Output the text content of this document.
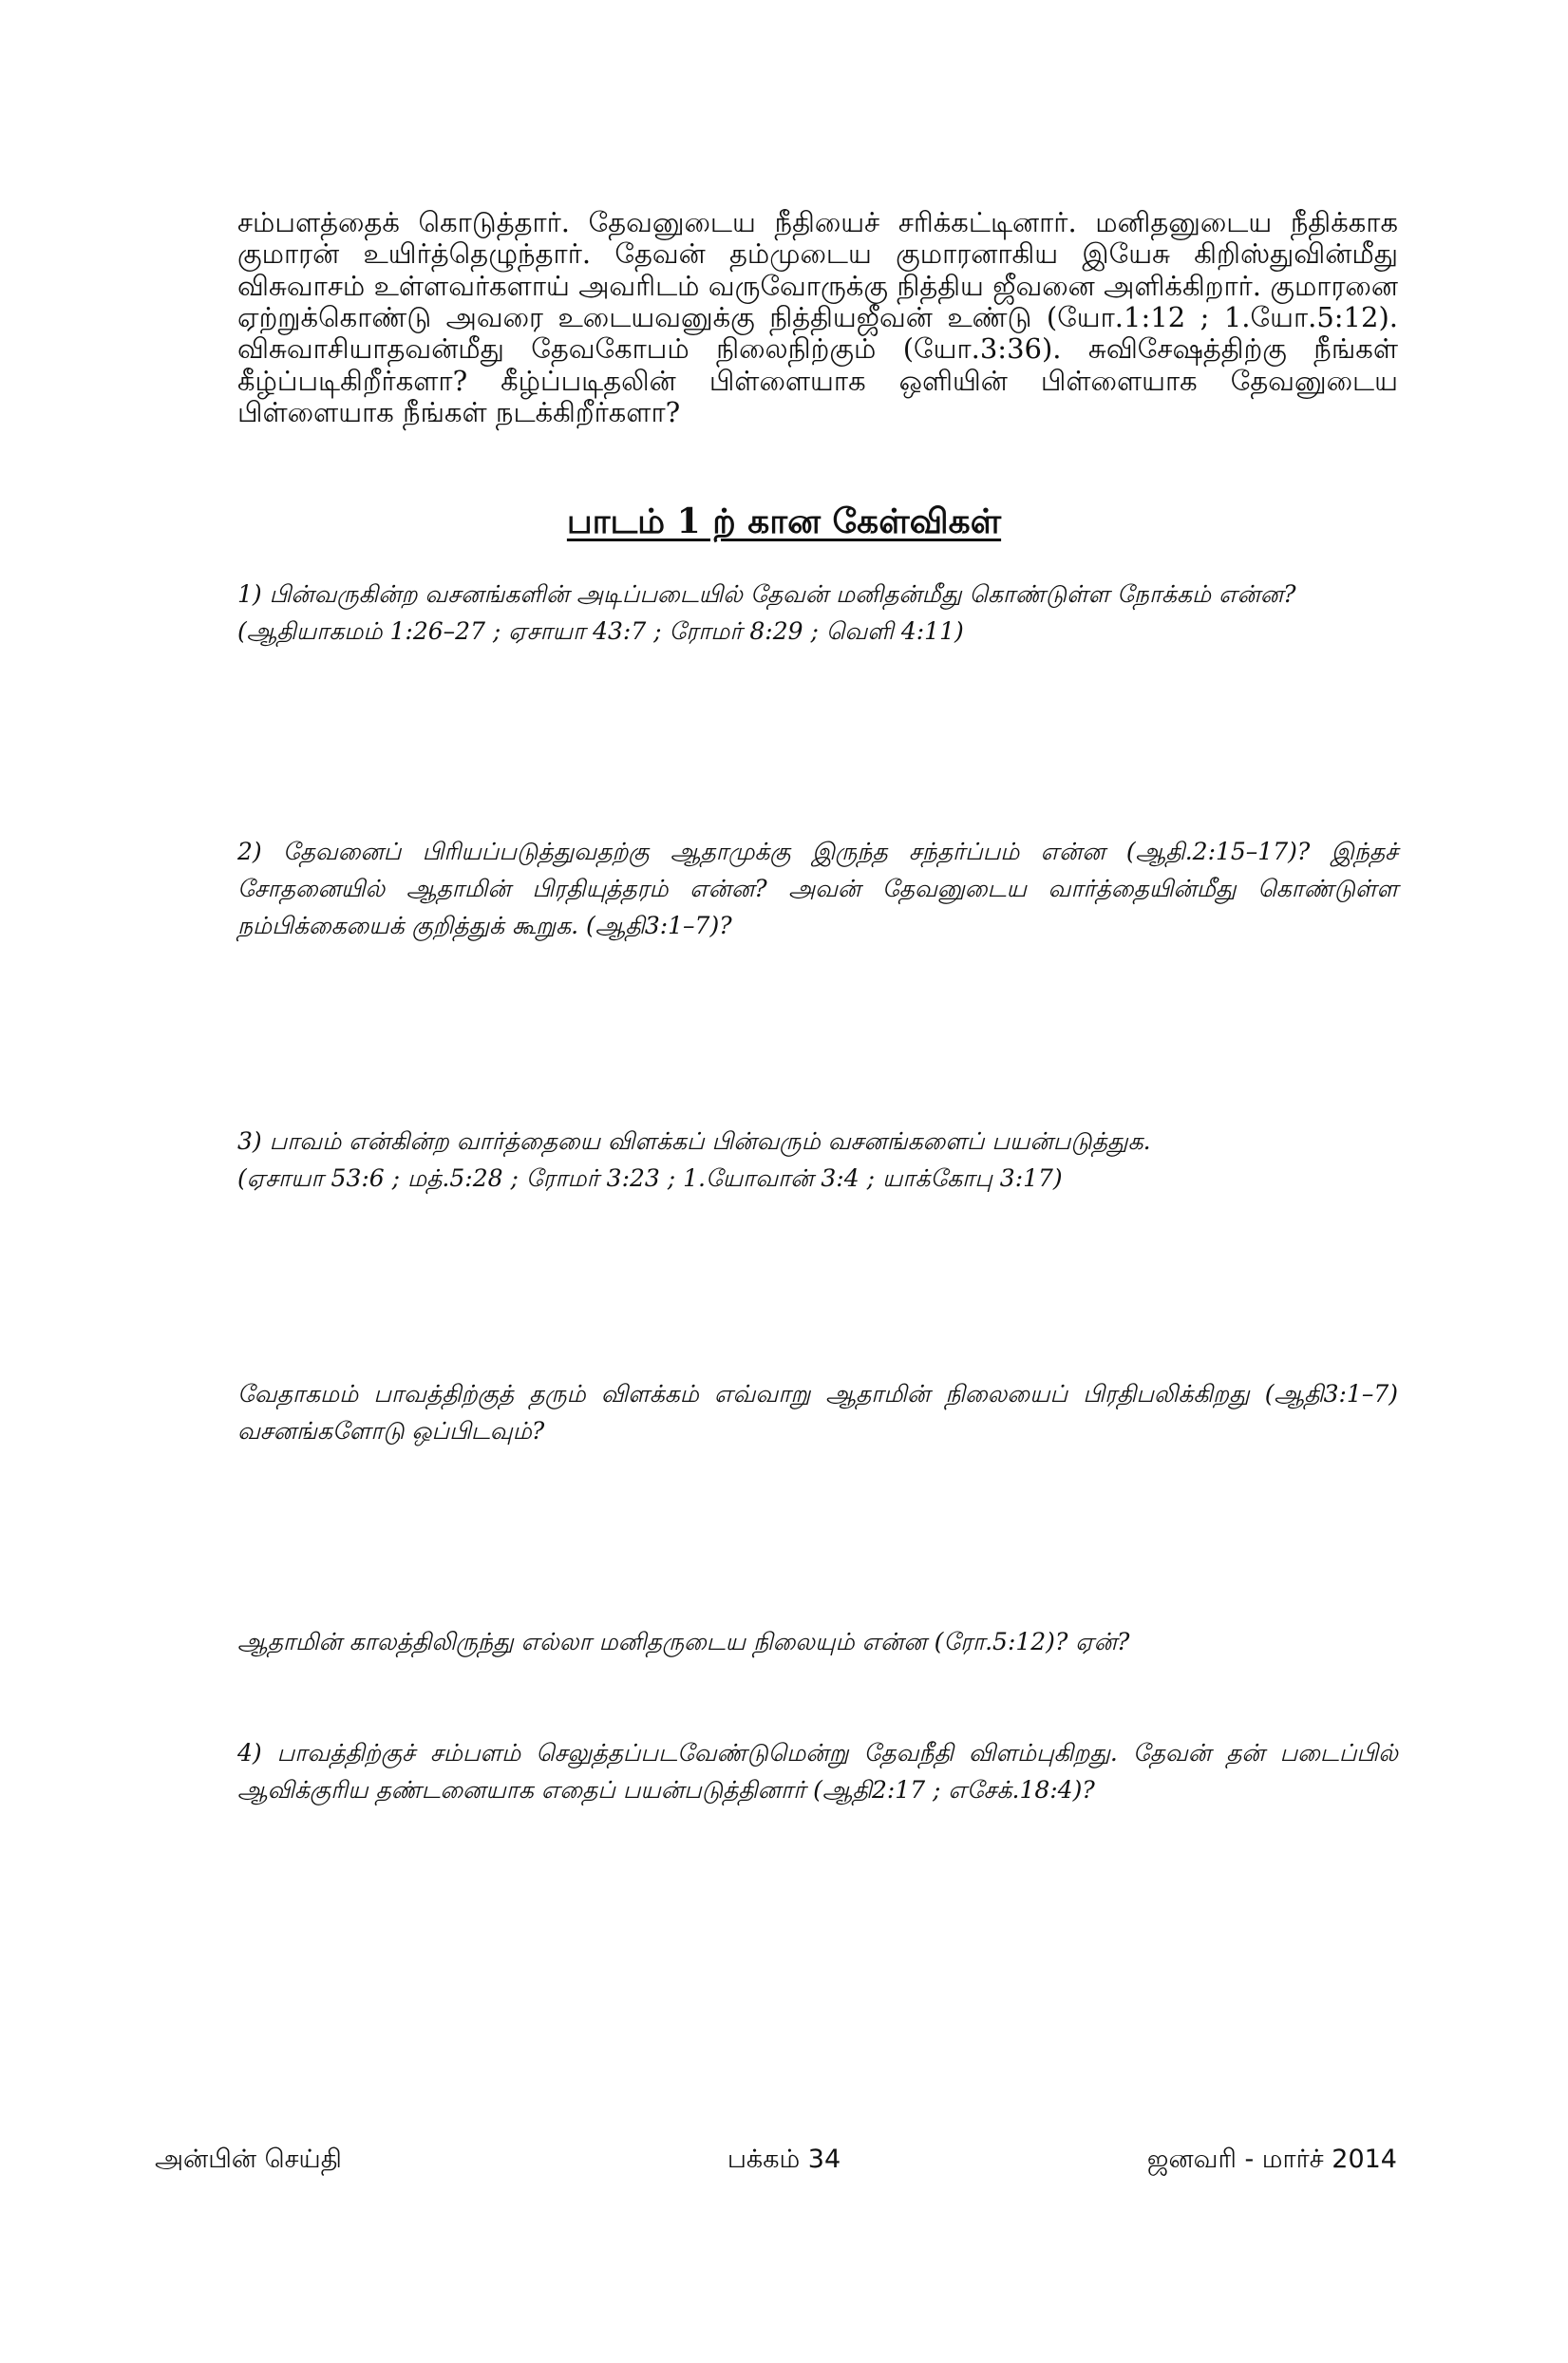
சம்பளத்தைக் கொடுத்தார். தேவனுடைய நீதியைச் சரிக்கட்டினார். மனிதனுடைய நீதிக்காக குமாரன் உயிர்த்தெழுந்தார். தேவன் தம்முடைய குமாரனாகிய இயேசு கிறிஸ்துவின்மீது விசுவாசம் உள்ளவர்களாய் அவரிடம் வருவோருக்கு நித்திய ஜீவனை அளிக்கிறார். குமாரனை ஏற்றுக்கொண்டு அவரை உடையவனுக்கு நித்தியஜீவன் உண்டு (யோ.1:12 ; 1.யோ.5:12). விசுவாசியாதவன்மீது தேவகோபம் நிலைநிற்கும் (யோ.3:36). சுவிசேஷத்திற்கு நீங்கள் கீழ்ப்படிகிறீர்களா? கீழ்ப்படிதலின் பிள்ளையாக ஒளியின் பிள்ளையாக தேவனுடைய பிள்ளையாக நீங்கள் நடக்கிறீர்களா?

பாடம் 1 ற் கான கேள்விகள்
1) பின்வருகின்ற வசனங்களின் அடிப்படையில் தேவன் மனிதன்மீது கொண்டுள்ள நோக்கம் என்ன?
(ஆதியாகமம் 1:26–27 ; ஏசாயா 43:7 ; ரோமர் 8:29 ; வெளி 4:11)
2) தேவனைப் பிரியப்படுத்துவதற்கு ஆதாமுக்கு இருந்த சந்தர்ப்பம் என்ன (ஆதி.2:15–17)? இந்தச் சோதனையில் ஆதாமின் பிரதியுத்தரம் என்ன? அவன் தேவனுடைய வார்த்தையின்மீது கொண்டுள்ள நம்பிக்கையைக் குறித்துக் கூறுக. (ஆதி3:1–7)?
3) பாவம் என்கின்ற வார்த்தையை விளக்கப் பின்வரும் வசனங்களைப் பயன்படுத்துக.
(ஏசாயா 53:6 ; மத்.5:28 ; ரோமர் 3:23 ; 1.யோவான் 3:4 ; யாக்கோபு 3:17)
வேதாகமம் பாவத்திற்குத் தரும் விளக்கம் எவ்வாறு ஆதாமின் நிலையைப் பிரதிபலிக்கிறது (ஆதி3:1–7) வசனங்களோடு ஒப்பிடவும்?
ஆதாமின் காலத்திலிருந்து எல்லா மனிதருடைய நிலையும் என்ன (ரோ.5:12)? ஏன்?
4) பாவத்திற்குச் சம்பளம் செலுத்தப்படவேண்டுமென்று தேவநீதி விளம்புகிறது. தேவன் தன் படைப்பில் ஆவிக்குரிய தண்டனையாக எதைப் பயன்படுத்தினார் (ஆதி2:17 ; எசேக்.18:4)?
பக்கம் 34
அன்பின் செய்தி	ஜனவரி - மார்ச் 2014
